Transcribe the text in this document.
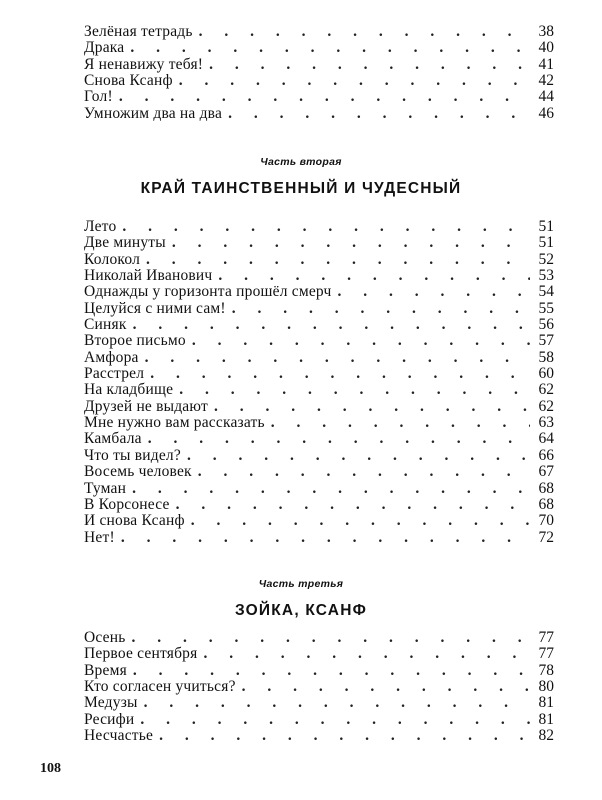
Зелёная тетрадь . . .	38
Драка . . .	40
Я ненавижу тебя! . . .	41
Снова Ксанф . . .	42
Гол! . . .	44
Умножим два на два . . .	46

Часть вторая

КРАЙ ТАИНСТВЕННЫЙ И ЧУДЕСНЫЙ
Лето . . .	51
Две минуты . . .	51
Колокол . . .	52
Николай Иванович . . .	53
Однажды у горизонта прошёл смерч . . .	54
Целуйся с ними сам! . . .	55
Синяк . . .	56
Второе письмо . . .	57
Амфора . . .	58
Расстрел . . .	60
На кладбище . . .	62
Друзей не выдают . . .	62
Мне нужно вам рассказать . . .	63
Камбала . . .	64
Что ты видел? . . .	66
Восемь человек . . .	67
Туман . . .	68
В Корсонесе . . .	68
И снова Ксанф . . .	70
Нет! . . .	72

Часть третья

ЗОЙКА, КСАНФ
Осень . . .	77
Первое сентября . . .	77
Время . . .	78
Кто согласен учиться? . . .	80
Медузы . . .	81
Ресифи . . .	81
Несчастье . . .	82

108
